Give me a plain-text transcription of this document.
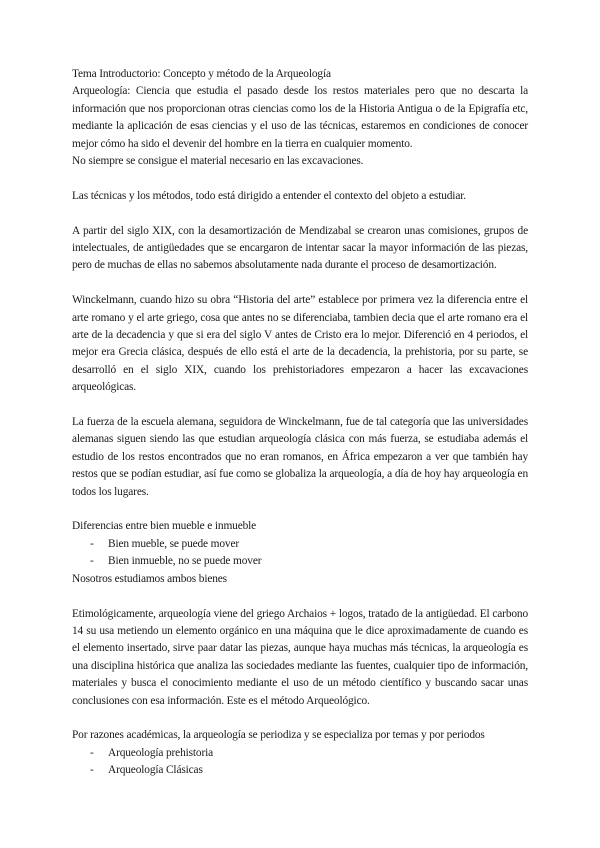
Tema Introductorio: Concepto y método de la Arqueología
Arqueología: Ciencia que estudia el pasado desde los restos materiales pero que no descarta la información que nos proporcionan otras ciencias como los de la Historia Antigua o de la Epigrafía etc, mediante la aplicación de esas ciencias y el uso de las técnicas, estaremos en condiciones de conocer mejor cómo ha sido el devenir del hombre en la tierra en cualquier momento.
No siempre se consigue el material necesario en las excavaciones.
Las técnicas y los métodos, todo está dirigido a entender el contexto del objeto a estudiar.
A partir del siglo XIX, con la desamortización de Mendizabal se crearon unas comisiones, grupos de intelectuales, de antigüedades que se encargaron de intentar sacar la mayor información de las piezas, pero de muchas de ellas no sabemos absolutamente nada durante el proceso de desamortización.
Winckelmann, cuando hizo su obra “Historia del arte” establece por primera vez la diferencia entre el arte romano y el arte griego, cosa que antes no se diferenciaba, tambien decia que el arte romano era el arte de la decadencia y que si era del siglo V antes de Cristo era lo mejor. Diferenció en 4 periodos, el mejor era Grecia clásica, después de ello está el arte de la decadencia, la prehistoria, por su parte, se desarrolló en el siglo XIX, cuando los prehistoriadores empezaron a hacer las excavaciones arqueológicas.
La fuerza de la escuela alemana, seguidora de Winckelmann, fue de tal categoría que las universidades alemanas siguen siendo las que estudian arqueología clásica con más fuerza, se estudiaba además el estudio de los restos encontrados que no eran romanos, en África empezaron a ver que también hay restos que se podían estudiar, así fue como se globaliza la arqueología, a día de hoy hay arqueología en todos los lugares.
Diferencias entre bien mueble e inmueble
- Bien mueble, se puede mover
- Bien inmueble, no se puede mover
Nosotros estudiamos ambos bienes
Etimológicamente, arqueología viene del griego Archaios + logos, tratado de la antigüedad. El carbono 14 su usa metiendo un elemento orgánico en una máquina que le dice aproximadamente de cuando es el elemento insertado, sirve paar datar las piezas, aunque haya muchas más técnicas, la arqueología es una disciplina histórica que analiza las sociedades mediante las fuentes, cualquier tipo de información, materiales y busca el conocimiento mediante el uso de un método científico y buscando sacar unas conclusiones con esa información. Este es el método Arqueológico.
Por razones académicas, la arqueología se periodiza y se especializa por temas y por periodos
- Arqueología prehistoria
- Arqueología Clásicas
